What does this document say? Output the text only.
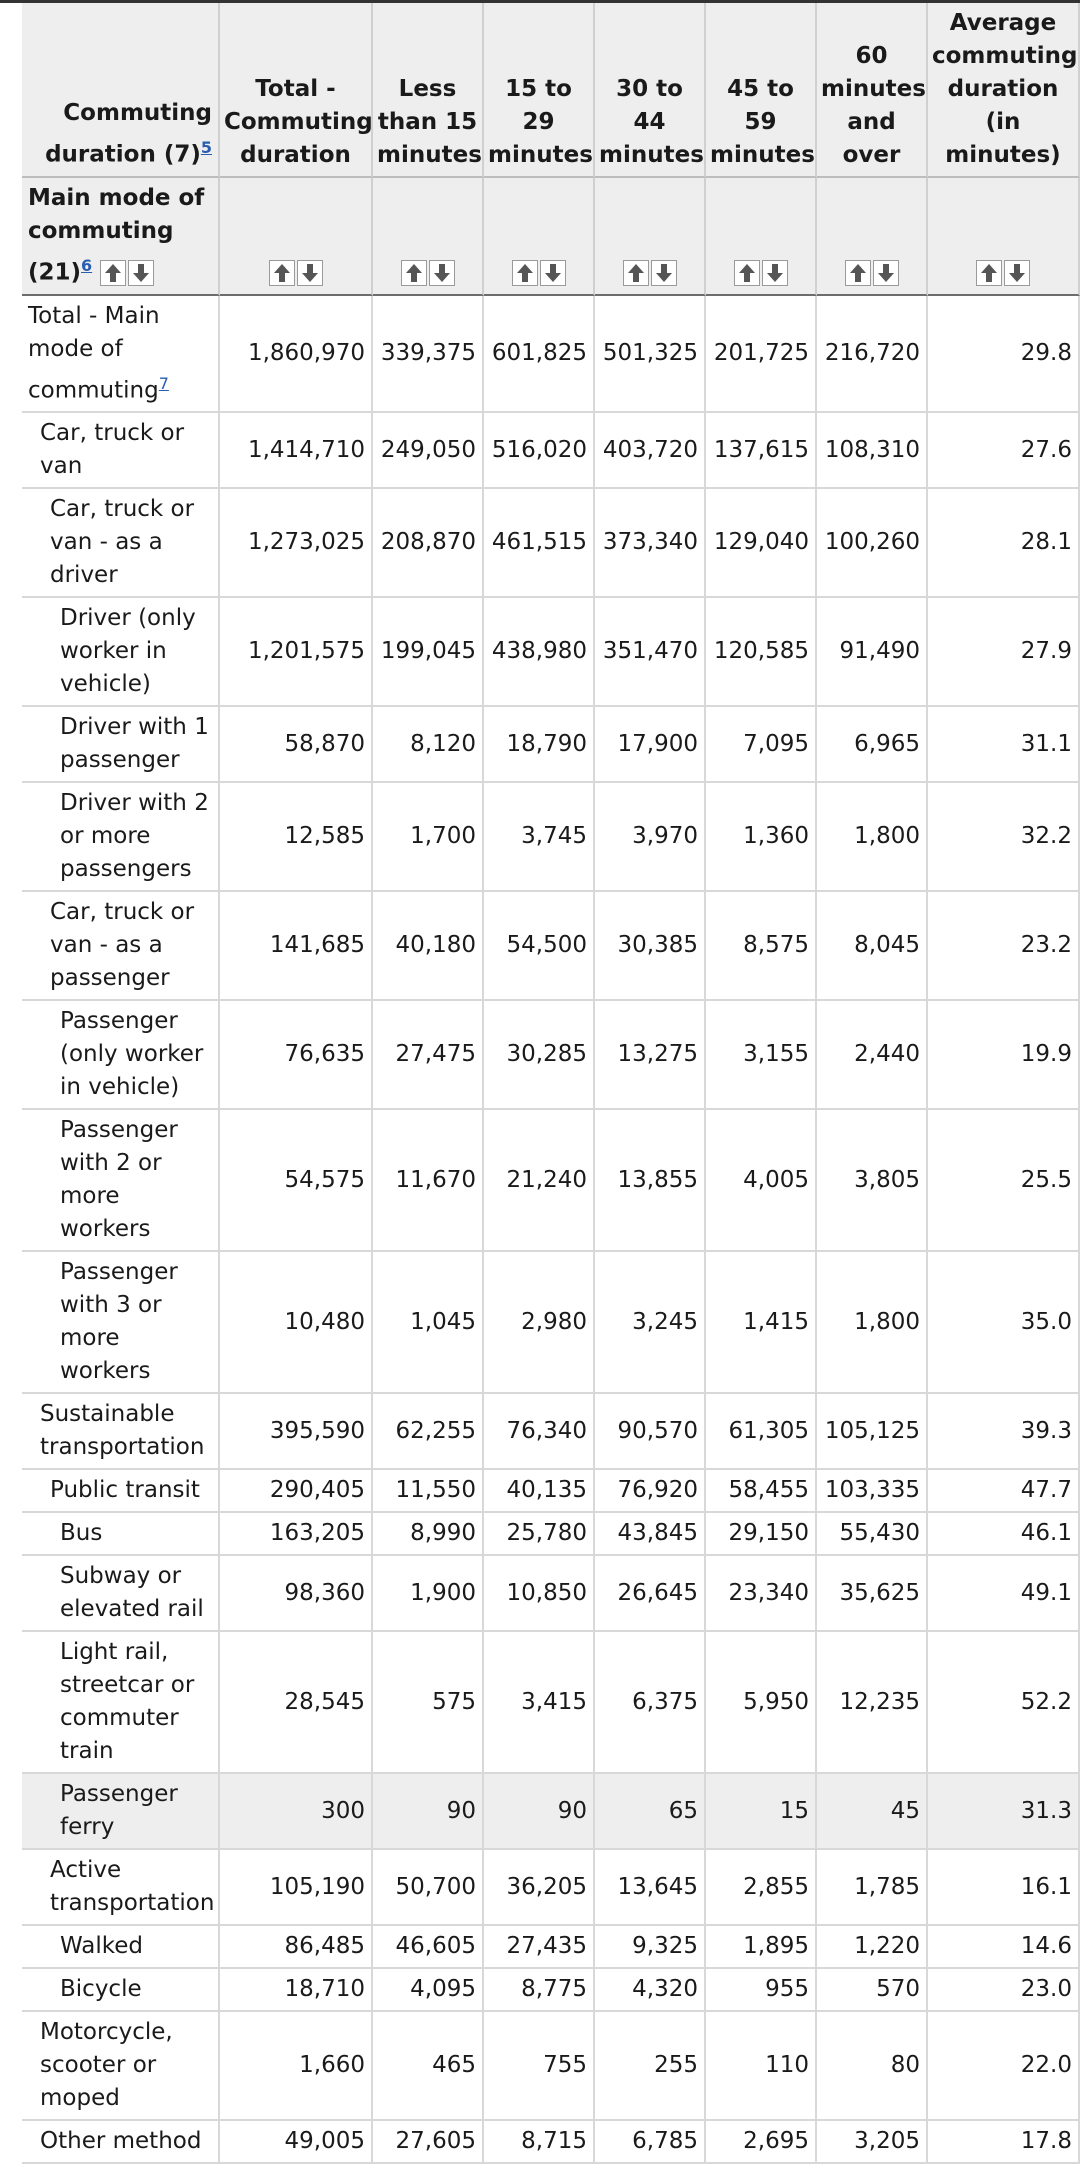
Commuting duration (7)$^5$	Total - Commuting duration	Less than 15 minutes	15 to 29 minutes	30 to 44 minutes	45 to 59 minutes	60 minutes and over	Average commuting duration (in minutes)
Main mode of commuting (21)$^6$

Total - Main mode of commuting$^7$	1,860,970	339,375	601,825	501,325	201,725	216,720	29.8
Car, truck or van	1,414,710	249,050	516,020	403,720	137,615	108,310	27.6
Car, truck or van - as a driver	1,273,025	208,870	461,515	373,340	129,040	100,260	28.1
Driver (only worker in vehicle)	1,201,575	199,045	438,980	351,470	120,585	91,490	27.9
Driver with 1 passenger	58,870	8,120	18,790	17,900	7,095	6,965	31.1
Driver with 2 or more passengers	12,585	1,700	3,745	3,970	1,360	1,800	32.2
Car, truck or van - as a passenger	141,685	40,180	54,500	30,385	8,575	8,045	23.2
Passenger (only worker in vehicle)	76,635	27,475	30,285	13,275	3,155	2,440	19.9
Passenger with 2 or more workers	54,575	11,670	21,240	13,855	4,005	3,805	25.5
Passenger with 3 or more workers	10,480	1,045	2,980	3,245	1,415	1,800	35.0
Sustainable transportation	395,590	62,255	76,340	90,570	61,305	105,125	39.3
Public transit	290,405	11,550	40,135	76,920	58,455	103,335	47.7
Bus	163,205	8,990	25,780	43,845	29,150	55,430	46.1
Subway or elevated rail	98,360	1,900	10,850	26,645	23,340	35,625	49.1
Light rail, streetcar or commuter train	28,545	575	3,415	6,375	5,950	12,235	52.2
Passenger ferry	300	90	90	65	15	45	31.3
Active transportation	105,190	50,700	36,205	13,645	2,855	1,785	16.1
Walked	86,485	46,605	27,435	9,325	1,895	1,220	14.6
Bicycle	18,710	4,095	8,775	4,320	955	570	23.0
Motorcycle, scooter or moped	1,660	465	755	255	110	80	22.0
Other method	49,005	27,605	8,715	6,785	2,695	3,205	17.8
